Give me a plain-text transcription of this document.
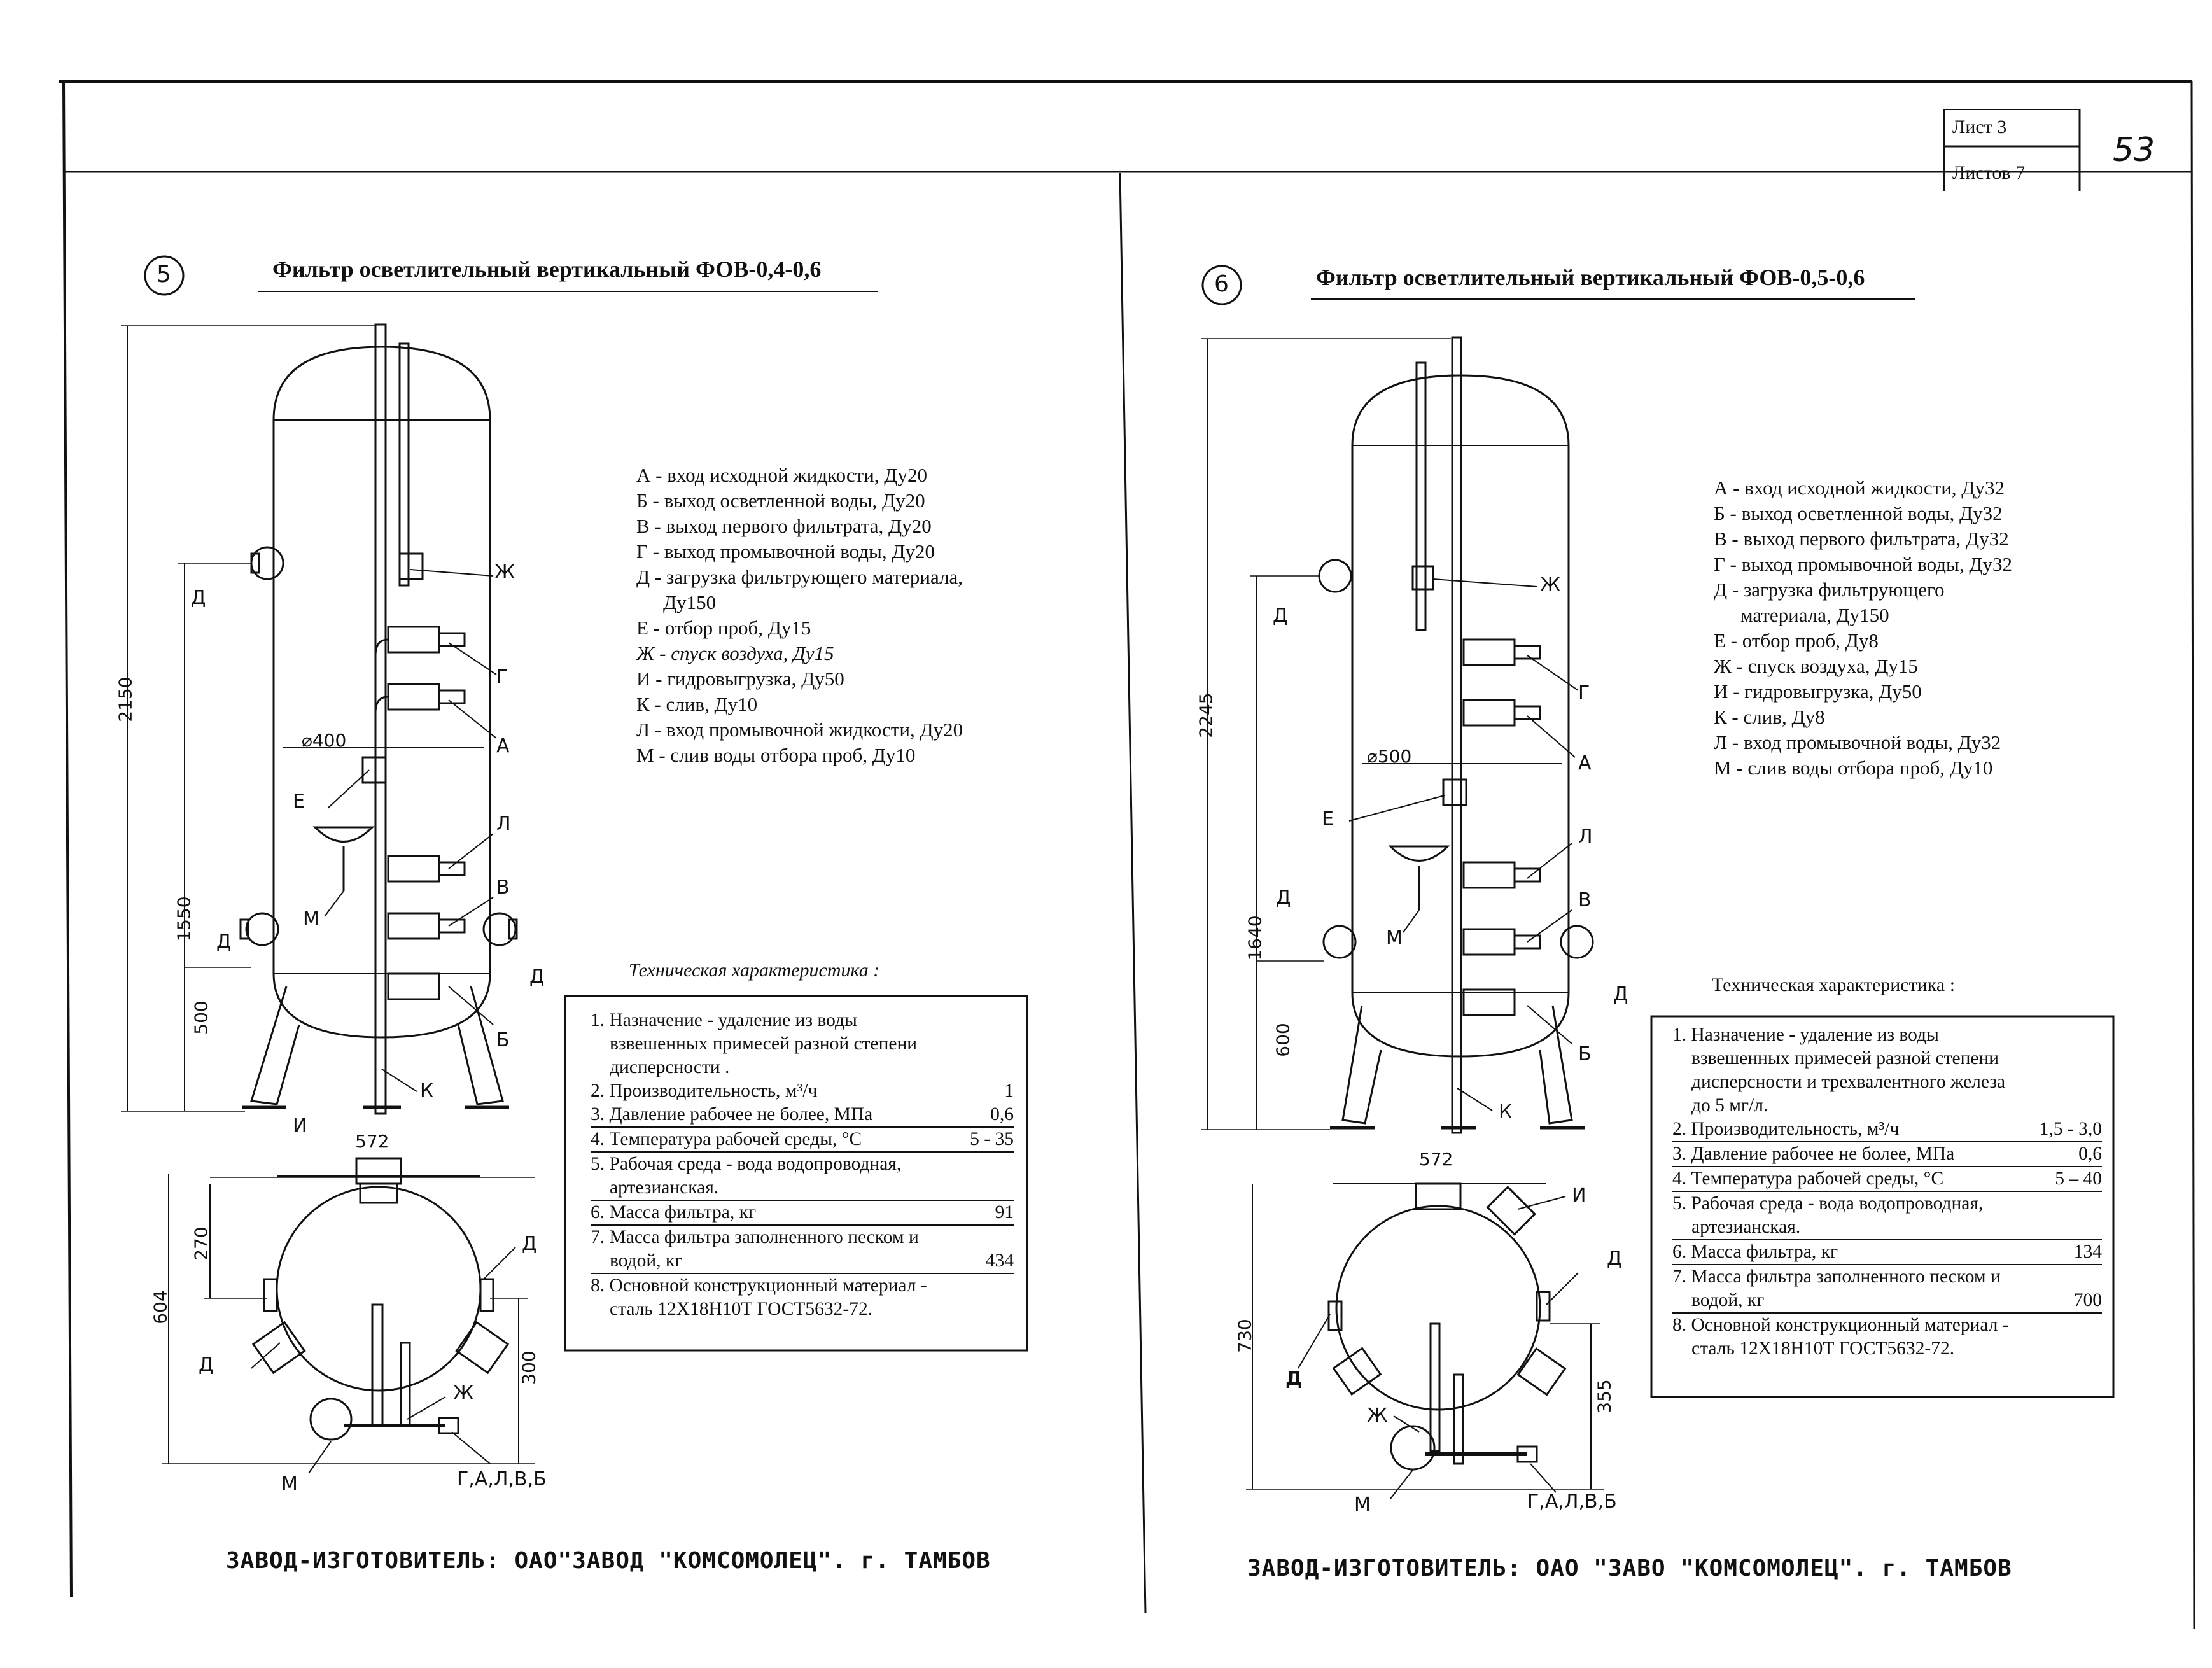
Лист 3
Листов 7
53
5	Фильтр осветлительный вертикальный ФОВ-0,4-0,6
А - вход исходной жидкости, Ду20
Б - выход осветленной воды, Ду20
В - выход первого фильтрата, Ду20
Г - выход промывочной воды, Ду20
Д - загрузка фильтрующего материала,
Ду150
Е - отбор проб, Ду15
Ж - спуск воздуха, Ду15
И - гидровыгрузка, Ду50
К - слив, Ду10
Л - вход промывочной жидкости, Ду20
М - слив воды отбора проб, Ду10
Техническая характеристика :
1. Назначение - удаление из воды
взвешенных примесей разной степени
дисперсности .
2. Производительность, м³/ч	1
3. Давление рабочее не более, МПа	0,6
4. Температура рабочей среды, °С	5 - 35
5. Рабочая среда - вода водопроводная,
артезианская.
6. Масса фильтра, кг	91
7. Масса фильтра заполненного песком и
водой, кг	434
8. Основной конструкционный материал -
сталь 12Х18Н10Т ГОСТ5632-72.
2150
1550
500
⌀400
572
604
270
300
Ж
Г
А
Д
Д
Д
Е
Л
В
М
Б
К
И
Д
Д
Ж
М	Г,А,Л,В,Б
ЗАВОД-ИЗГОТОВИТЕЛЬ: ОАО"ЗАВОД "КОМСОМОЛЕЦ". г. ТАМБОВ
6	Фильтр осветлительный вертикальный ФОВ-0,5-0,6
А - вход исходной жидкости, Ду32
Б - выход осветленной воды, Ду32
В - выход первого фильтрата, Ду32
Г - выход промывочной воды, Ду32
Д - загрузка фильтрующего
материала, Ду150
Е - отбор проб, Ду8
Ж - спуск воздуха, Ду15
И - гидровыгрузка, Ду50
К - слив, Ду8
Л - вход промывочной воды, Ду32
М - слив воды отбора проб, Ду10
Техническая характеристика :
1. Назначение - удаление из воды
взвешенных примесей разной степени
дисперсности и трехвалентного железа
до 5 мг/л.
2. Производительность, м³/ч	1,5 - 3,0
3. Давление рабочее не более, МПа	0,6
4. Температура рабочей среды, °С	5 – 40
5. Рабочая среда - вода водопроводная,
артезианская.
6. Масса фильтра, кг	134
7. Масса фильтра заполненного песком и
водой, кг	700
8. Основной конструкционный материал -
сталь 12Х18Н10Т ГОСТ5632-72.
2245
1640
600
⌀500
572
730
355
Ж
Г
А
Д
Д
Д
Е
Л
В
М
Б
К
И
Д
Д
Ж
М	Г,А,Л,В,Б
ЗАВОД-ИЗГОТОВИТЕЛЬ: ОАО "ЗАВО "КОМСОМОЛЕЦ". г. ТАМБОВ
